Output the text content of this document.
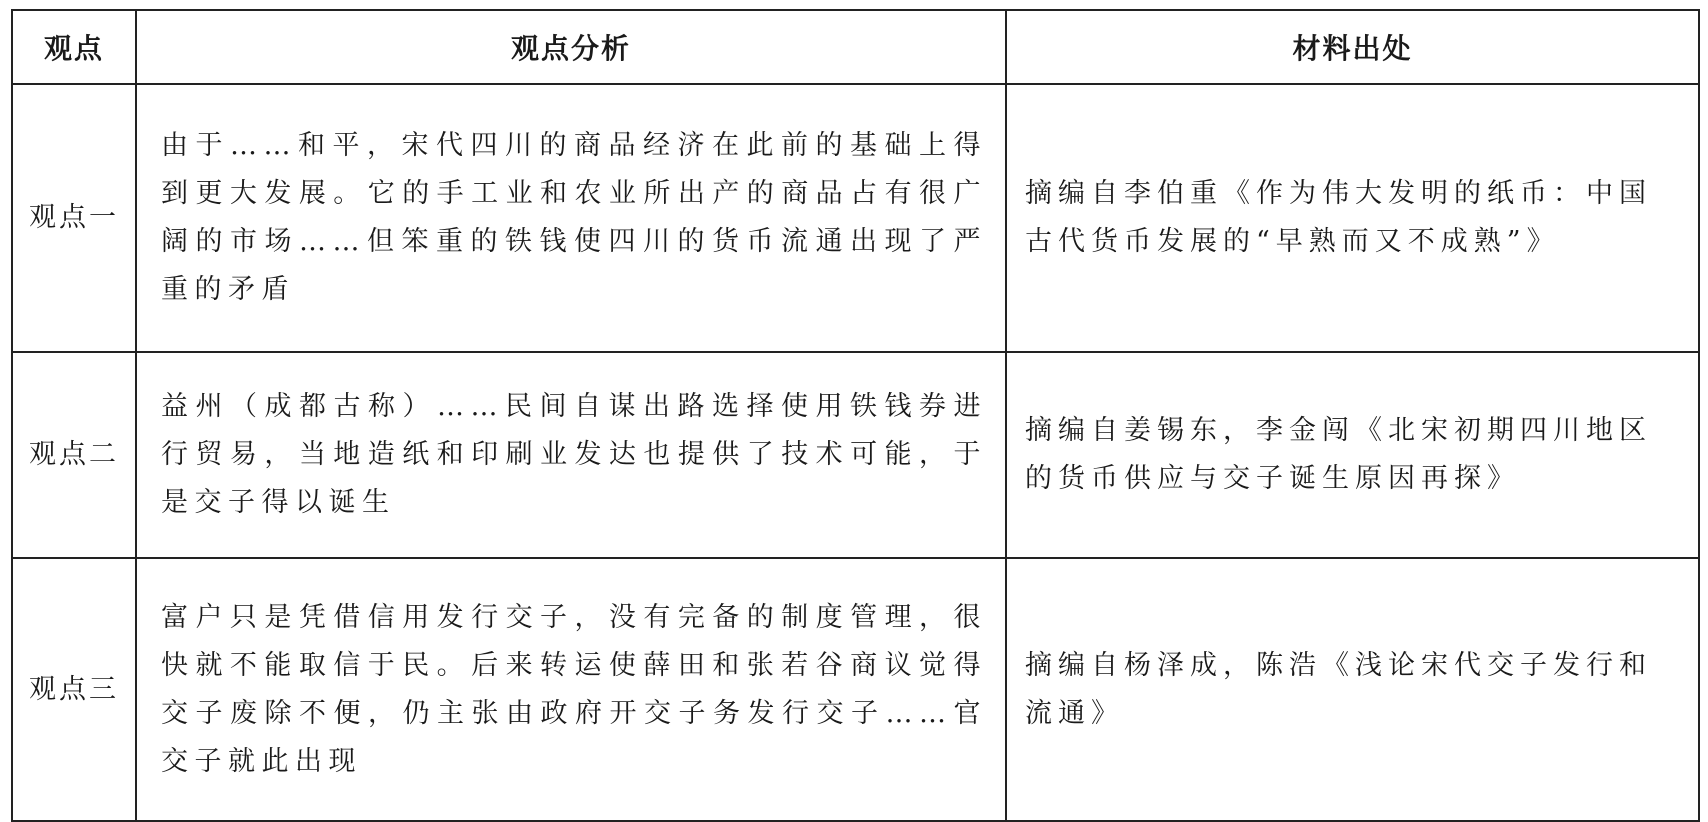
观点	观点分析	材料出处
观点一	由于……和平，宋代四川的商品经济在此前的基础上得到更大发展。它的手工业和农业所出产的商品占有很广阔的市场……但笨重的铁钱使四川的货币流通出现了严重的矛盾	摘编自李伯重《作为伟大发明的纸币：中国古代货币发展的“早熟而又不成熟”》
观点二	益州（成都古称）……民间自谋出路选择使用铁钱券进行贸易，当地造纸和印刷业发达也提供了技术可能，于是交子得以诞生	摘编自姜锡东，李金闯《北宋初期四川地区的货币供应与交子诞生原因再探》
观点三	富户只是凭借信用发行交子，没有完备的制度管理，很快就不能取信于民。后来转运使薛田和张若谷商议觉得交子废除不便，仍主张由政府开交子务发行交子……官交子就此出现	摘编自杨泽成，陈浩《浅论宋代交子发行和流通》
